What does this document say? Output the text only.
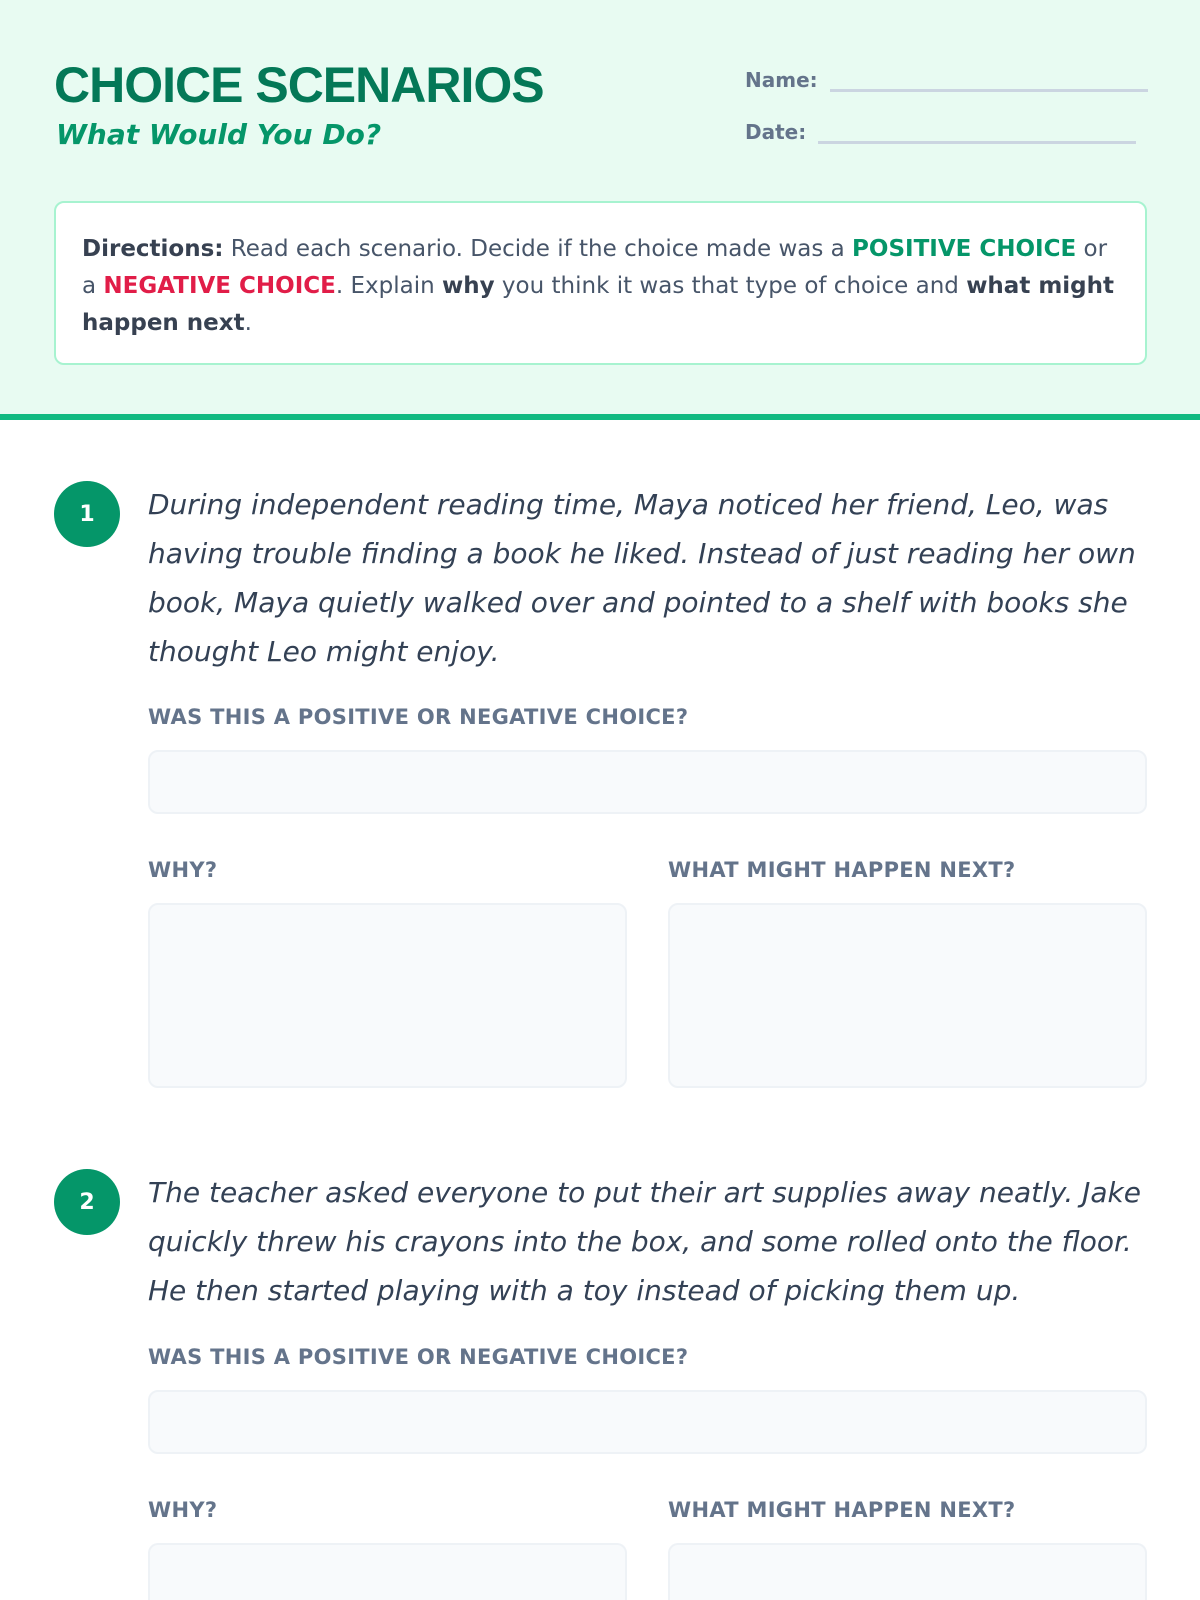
CHOICE SCENARIOS
What Would You Do?
Name:
Date:
Directions: Read each scenario. Decide if the choice made was a POSITIVE CHOICE or a NEGATIVE CHOICE. Explain why you think it was that type of choice and what might happen next.
1	During independent reading time, Maya noticed her friend, Leo, was having trouble finding a book he liked. Instead of just reading her own book, Maya quietly walked over and pointed to a shelf with books she thought Leo might enjoy.
WAS THIS A POSITIVE OR NEGATIVE CHOICE?
WHY?	WHAT MIGHT HAPPEN NEXT?
2	The teacher asked everyone to put their art supplies away neatly. Jake quickly threw his crayons into the box, and some rolled onto the floor. He then started playing with a toy instead of picking them up.
WAS THIS A POSITIVE OR NEGATIVE CHOICE?
WHY?	WHAT MIGHT HAPPEN NEXT?
